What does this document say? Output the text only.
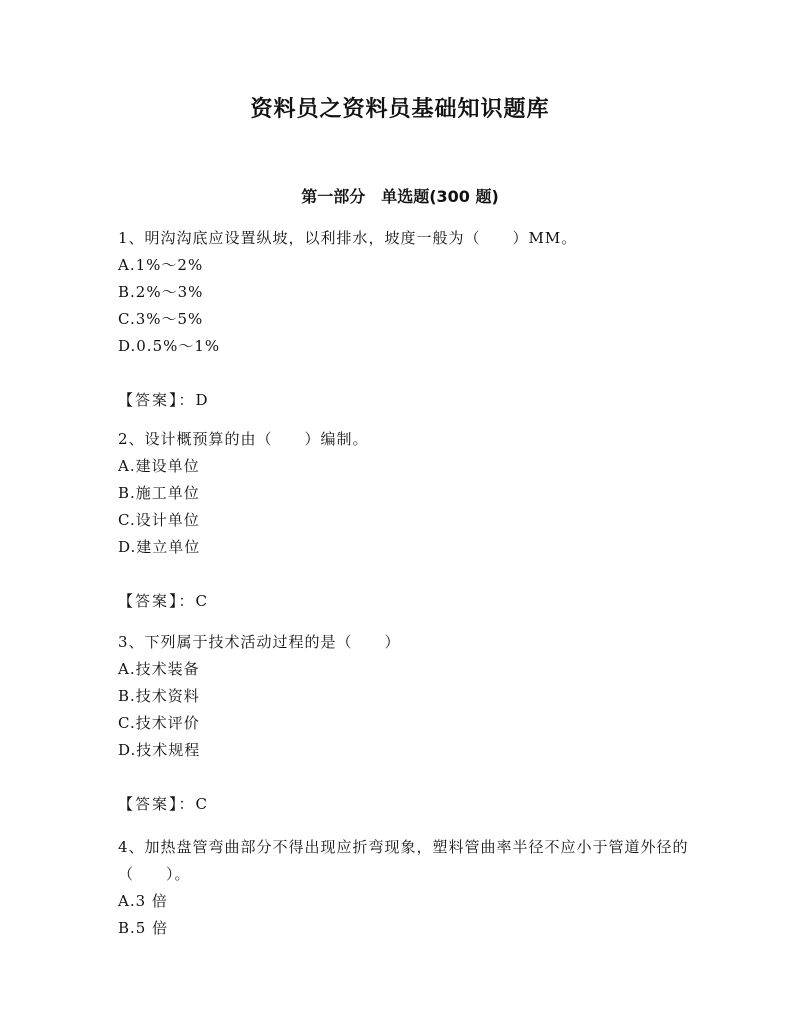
资料员之资料员基础知识题库
第一部分　单选题(300 题)
1、明沟沟底应设置纵坡，以利排水，坡度一般为（　　）MM。
A.1%～2%
B.2%～3%
C.3%～5%
D.0.5%～1%
【答案】：D
2、设计概预算的由（　　）编制。
A.建设单位
B.施工单位
C.设计单位
D.建立单位
【答案】：C
3、下列属于技术活动过程的是（　　）
A.技术装备
B.技术资料
C.技术评价
D.技术规程
【答案】：C
4、加热盘管弯曲部分不得出现应折弯现象，塑料管曲率半径不应小于管道外径的（　　）。
A.3 倍
B.5 倍
